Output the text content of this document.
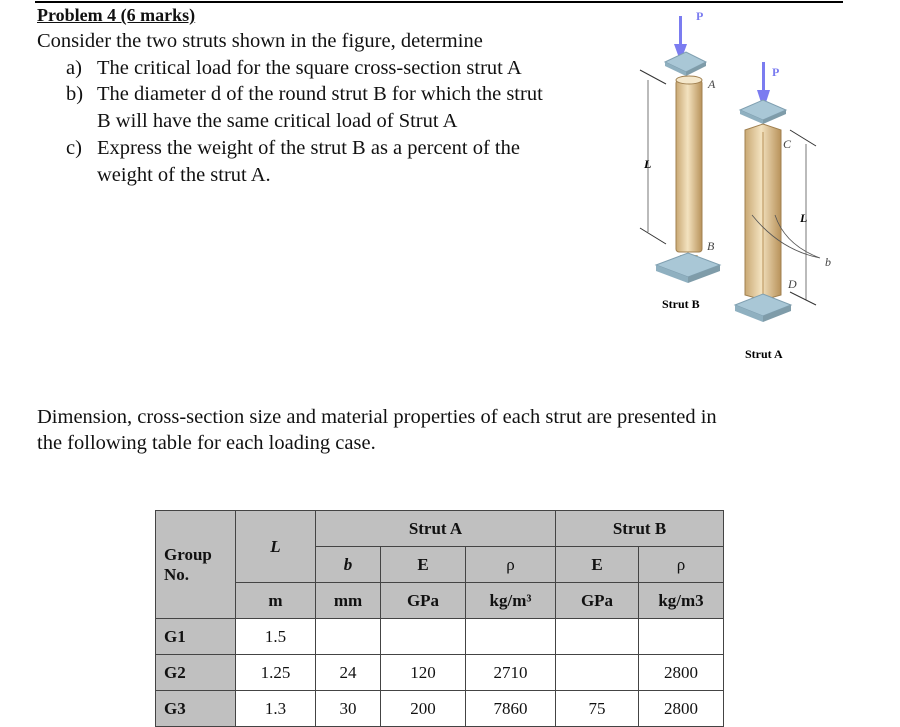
Problem 4 (6 marks)
Consider the two struts shown in the figure, determine
a) The critical load for the square cross-section strut A
b) The diameter d of the round strut B for which the strut

B will have the same critical load of Strut A
c) Express the weight of the strut B as a percent of the

weight of the strut A.	L
P
A
B
Strut B
L
P
C
D
b
Strut A
Dimension, cross-section size and material properties of each strut are presented in
the following table for each loading case.
Group No.	L	Strut A			Strut B	
		b	E	ρ	E	ρ
	m	mm	GPa	kg/m³	GPa	kg/m3
G1	1.5					
G2	1.25	24	120	2710		2800
G3	1.3	30	200	7860	75	2800
